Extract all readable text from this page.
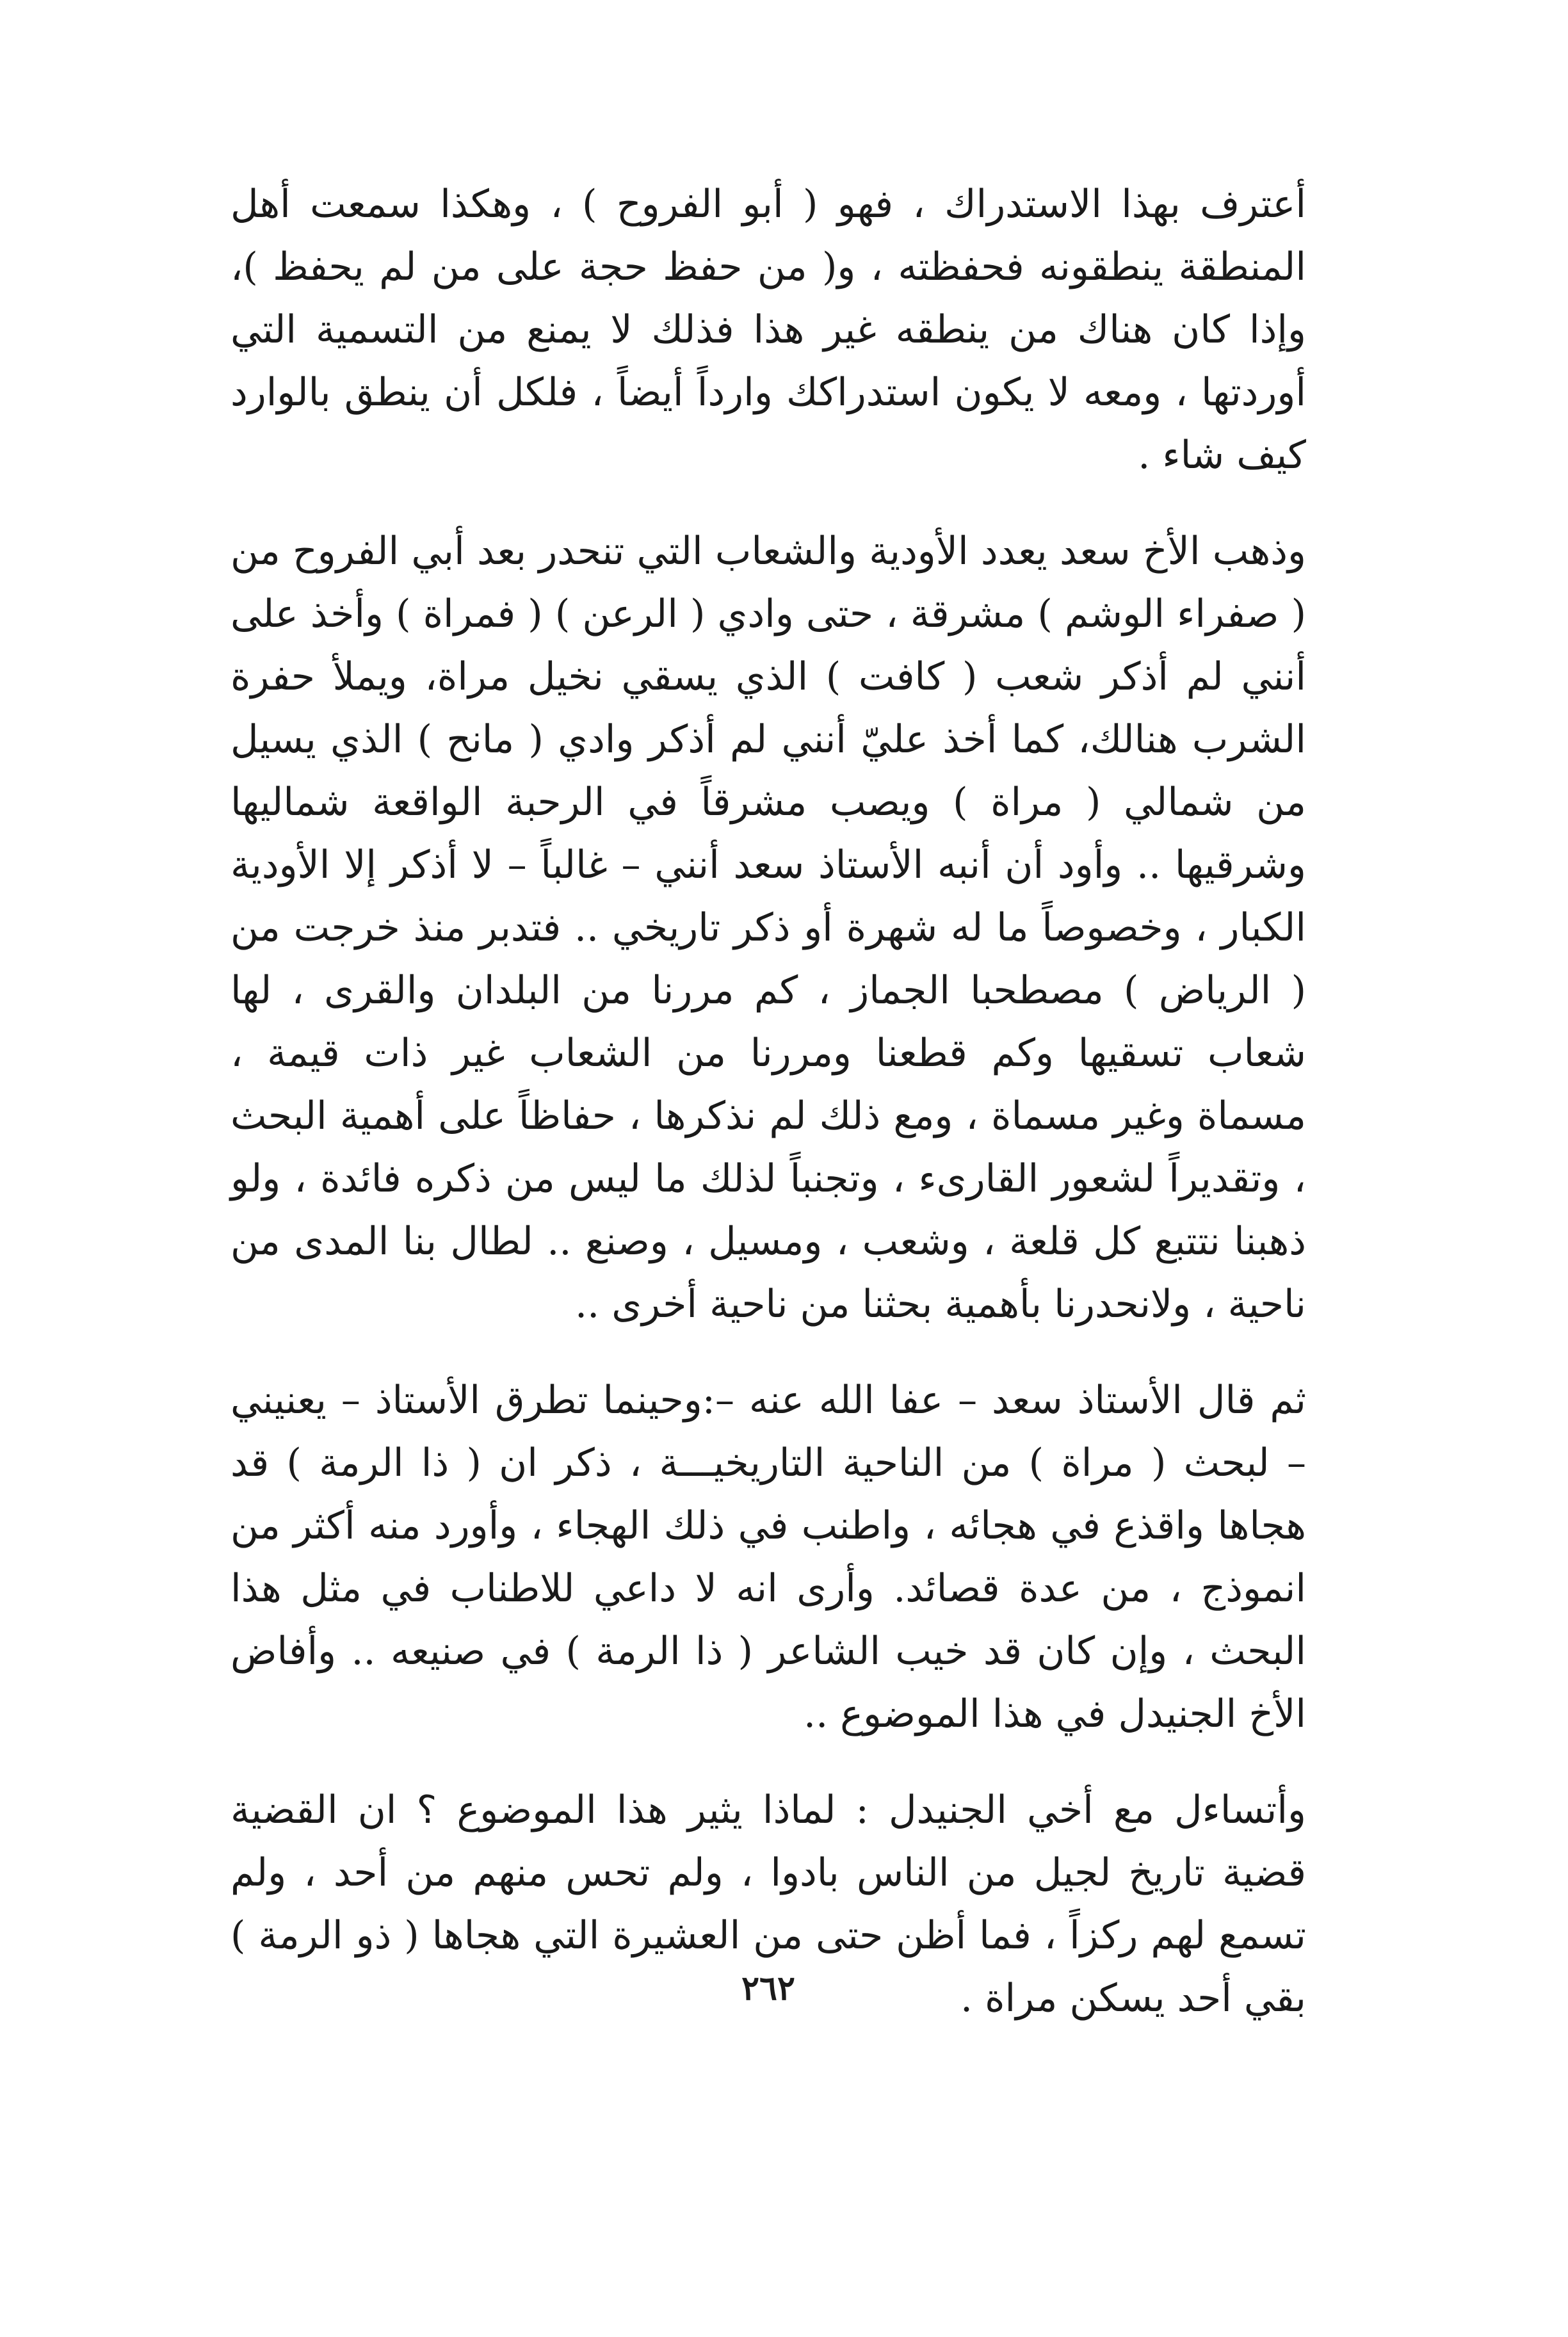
أعترف بهذا الاستدراك ، فهو ( أبو الفروح ) ، وهكذا سمعت أهل المنطقة ينطقونه فحفظته ، و( من حفظ حجة على من لم يحفظ )، وإذا كان هناك من ينطقه غير هذا فذلك لا يمنع من التسمية التي أوردتها ، ومعه لا يكون استدراكك وارداً أيضاً ، فلكل أن ينطق بالوارد كيف شاء .

وذهب الأخ سعد يعدد الأودية والشعاب التي تنحدر بعد أبي الفروح من ( صفراء الوشم ) مشرقة ، حتى وادي ( الرعن ) ( فمراة ) وأخذ على أنني لم أذكر شعب ( كافت ) الذي يسقي نخيل مراة، ويملأ حفرة الشرب هنالك، كما أخذ عليّ أنني لم أذكر وادي ( مانح ) الذي يسيل من شمالي ( مراة ) ويصب مشرقاً في الرحبة الواقعة شماليها وشرقيها .. وأود أن أنبه الأستاذ سعد أنني – غالباً – لا أذكر إلا الأودية الكبار ، وخصوصاً ما له شهرة أو ذكر تاريخي .. فتدبر منذ خرجت من ( الرياض ) مصطحبا الجماز ، كم مررنا من البلدان والقرى ، لها شعاب تسقيها وكم قطعنا ومررنا من الشعاب غير ذات قيمة ، مسماة وغير مسماة ، ومع ذلك لم نذكرها ، حفاظاً على أهمية البحث ، وتقديراً لشعور القارىء ، وتجنباً لذلك ما ليس من ذكره فائدة ، ولو ذهبنا نتتبع كل قلعة ، وشعب ، ومسيل ، وصنع .. لطال بنا المدى من ناحية ، ولانحدرنا بأهمية بحثنا من ناحية أخرى ..

ثم قال الأستاذ سعد – عفا الله عنه –:وحينما تطرق الأستاذ – يعنيني – لبحث ( مراة ) من الناحية التاريخيـــة ، ذكر ان ( ذا الرمة ) قد هجاها واقذع في هجائه ، واطنب في ذلك الهجاء ، وأورد منه أكثر من انموذج ، من عدة قصائد. وأرى انه لا داعي للاطناب في مثل هذا البحث ، وإن كان قد خيب الشاعر ( ذا الرمة ) في صنيعه .. وأفاض الأخ الجنيدل في هذا الموضوع ..

وأتساءل مع أخي الجنيدل : لماذا يثير هذا الموضوع ؟ ان القضية قضية تاريخ لجيل من الناس بادوا ، ولم تحس منهم من أحد ، ولم تسمع لهم ركزاً ، فما أظن حتى من العشيرة التي هجاها ( ذو الرمة ) بقي أحد يسكن مراة .

٢٦٢
